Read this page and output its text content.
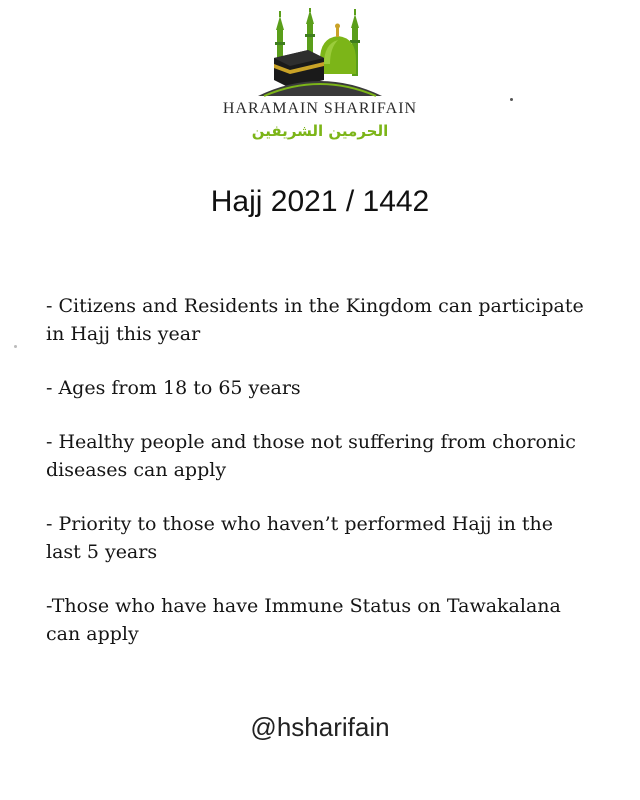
HARAMAIN SHARIFAIN
الحرمين الشريفين
Hajj 2021 / 1442
- Citizens and Residents in the Kingdom can participate
in Hajj this year
- Ages from 18 to 65 years
- Healthy people and those not suffering from choronic
diseases can apply
- Priority to those who haven’t performed Hajj in the
last 5 years
-Those who have have Immune Status on Tawakalana
can apply
@hsharifain
